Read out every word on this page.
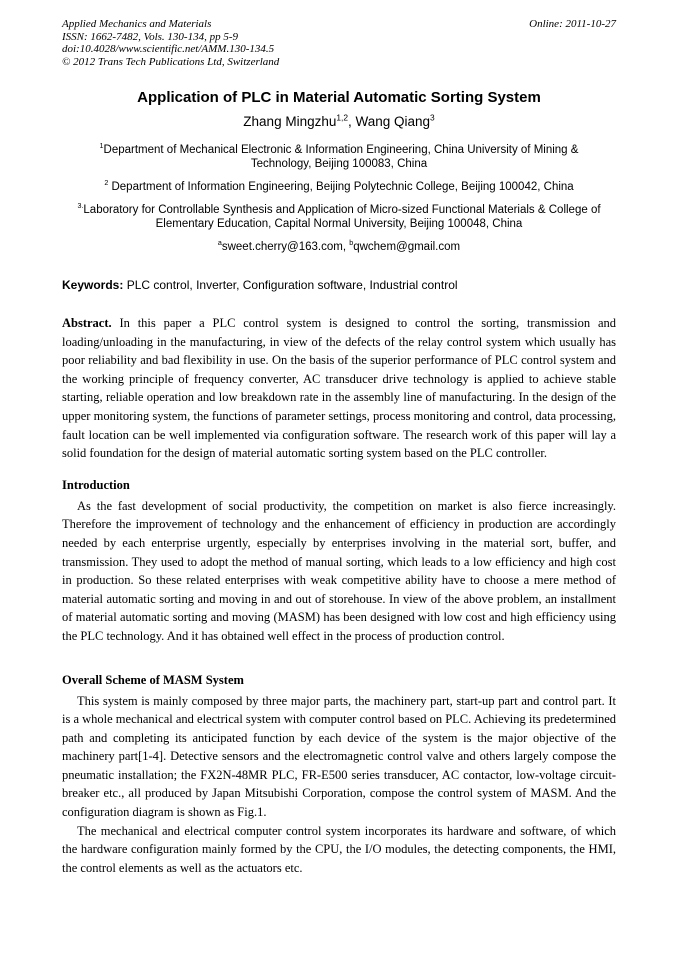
Applied Mechanics and Materials
ISSN: 1662-7482, Vols. 130-134, pp 5-9
doi:10.4028/www.scientific.net/AMM.130-134.5
© 2012 Trans Tech Publications Ltd, Switzerland
Online: 2011-10-27
Application of PLC in Material Automatic Sorting System
Zhang Mingzhu$^{1,2}$, Wang Qiang$^3$
$^1$Department of Mechanical Electronic & Information Engineering, China University of Mining & Technology, Beijing 100083, China
$^2$ Department of Information Engineering, Beijing Polytechnic College, Beijing 100042, China
$^{3.}$Laboratory for Controllable Synthesis and Application of Micro-sized Functional Materials & College of Elementary Education, Capital Normal University, Beijing 100048, China
$^a$sweet.cherry@163.com, $^b$qwchem@gmail.com
Keywords: PLC control, Inverter, Configuration software, Industrial control
Abstract. In this paper a PLC control system is designed to control the sorting, transmission and loading/unloading in the manufacturing, in view of the defects of the relay control system which usually has poor reliability and bad flexibility in use. On the basis of the superior performance of PLC control system and the working principle of frequency converter, AC transducer drive technology is applied to achieve stable starting, reliable operation and low breakdown rate in the assembly line of manufacturing. In the design of the upper monitoring system, the functions of parameter settings, process monitoring and control, data processing, fault location can be well implemented via configuration software. The research work of this paper will lay a solid foundation for the design of material automatic sorting system based on the PLC controller.
Introduction

As the fast development of social productivity, the competition on market is also fierce increasingly. Therefore the improvement of technology and the enhancement of efficiency in production are accordingly needed by each enterprise urgently, especially by enterprises involving in the material sort, buffer, and transmission. They used to adopt the method of manual sorting, which leads to a low efficiency and high cost in production. So these related enterprises with weak competitive ability have to choose a mere method of material automatic sorting and moving in and out of storehouse. In view of the above problem, an installment of material automatic sorting and moving (MASM) has been designed with low cost and high efficiency using the PLC technology. And it has obtained well effect in the process of production control.

Overall Scheme of MASM System

This system is mainly composed by three major parts, the machinery part, start-up part and control part. It is a whole mechanical and electrical system with computer control based on PLC. Achieving its predetermined path and completing its anticipated function by each device of the system is the major objective of the machinery part[1-4]. Detective sensors and the electromagnetic control valve and others largely compose the pneumatic installation; the FX2N-48MR PLC, FR-E500 series transducer, AC contactor, low-voltage circuit-breaker etc., all produced by Japan Mitsubishi Corporation, compose the control system of MASM. And the configuration diagram is shown as Fig.1.

The mechanical and electrical computer control system incorporates its hardware and software, of which the hardware configuration mainly formed by the CPU, the I/O modules, the detecting components, the HMI, the control elements as well as the actuators etc.
